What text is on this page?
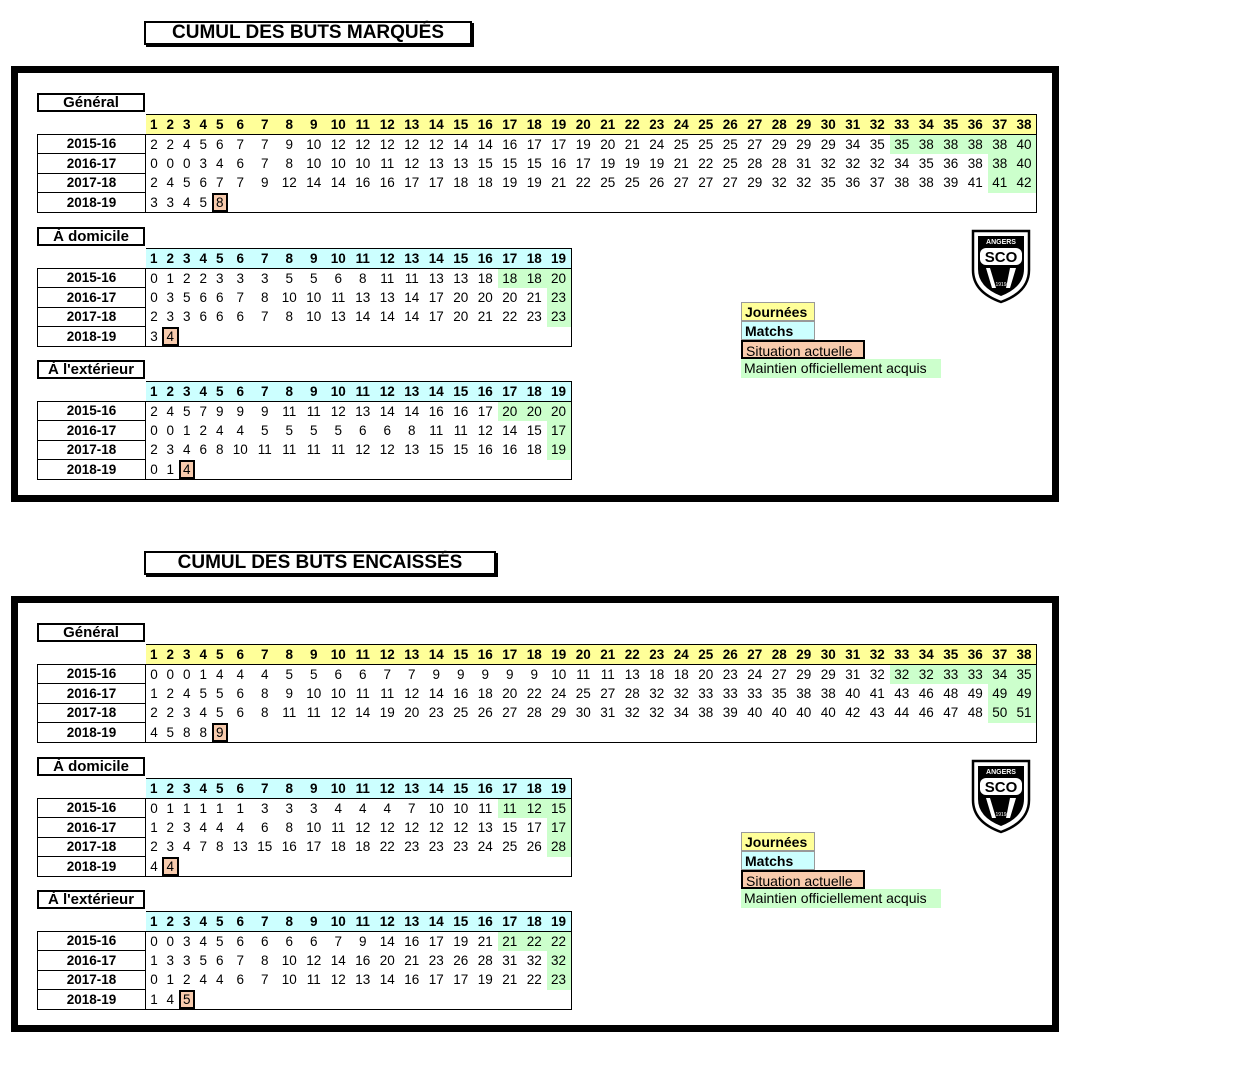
CUMUL DES BUTS MARQUÉS
Général
	1	2	3	4	5	6	7	8	9	10	11	12	13	14	15	16	17	18	19	20	21	22	23	24	25	26	27	28	29	30	31	32	33	34	35	36	37	38
2015-16	2	2	4	5	6	7	7	9	10	12	12	12	12	12	14	14	16	17	17	19	20	21	24	25	25	25	27	29	29	29	34	35	35	38	38	38	38	40
2016-17	0	0	0	3	4	6	7	8	10	10	10	11	12	13	13	15	15	15	16	17	19	19	19	21	22	25	28	28	31	32	32	32	34	35	36	38	38	40
2017-18	2	4	5	6	7	7	9	12	14	14	16	16	17	17	18	18	19	19	21	22	25	25	26	27	27	27	29	32	32	35	36	37	38	38	39	41	41	42
2018-19	3	3	4	5	8																																	
À domicile
	1	2	3	4	5	6	7	8	9	10	11	12	13	14	15	16	17	18	19
2015-16	0	1	2	2	3	3	3	5	5	6	8	11	11	13	13	18	18	18	20
2016-17	0	3	5	6	6	7	8	10	10	11	13	13	14	17	20	20	20	21	23
2017-18	2	3	3	6	6	6	7	8	10	13	14	14	14	17	20	21	22	23	23
2018-19	3	4																	
À l'extérieur
	1	2	3	4	5	6	7	8	9	10	11	12	13	14	15	16	17	18	19
2015-16	2	4	5	7	9	9	9	11	11	12	13	14	14	16	16	17	20	20	20
2016-17	0	0	1	2	4	4	5	5	5	5	6	6	8	11	11	12	14	15	17
2017-18	2	3	4	6	8	10	11	11	11	11	12	12	13	15	15	16	16	18	19
2018-19	0	1	4																
ANGERS
SCO
1919
Journées
Matchs
Situation actuelle
Maintien officiellement acquis
CUMUL DES BUTS ENCAISSÉS
Général
	1	2	3	4	5	6	7	8	9	10	11	12	13	14	15	16	17	18	19	20	21	22	23	24	25	26	27	28	29	30	31	32	33	34	35	36	37	38
2015-16	0	0	0	1	4	4	4	5	5	6	6	7	7	9	9	9	9	9	10	11	11	13	18	18	20	23	24	27	29	29	31	32	32	32	33	33	34	35
2016-17	1	2	4	5	5	6	8	9	10	10	11	11	12	14	16	18	20	22	24	25	27	28	32	32	33	33	33	35	38	38	40	41	43	46	48	49	49	49
2017-18	2	2	3	4	5	6	8	11	11	12	14	19	20	23	25	26	27	28	29	30	31	32	32	34	38	39	40	40	40	40	42	43	44	46	47	48	50	51
2018-19	4	5	8	8	9																																	
À domicile
	1	2	3	4	5	6	7	8	9	10	11	12	13	14	15	16	17	18	19
2015-16	0	1	1	1	1	1	3	3	3	4	4	4	7	10	10	11	11	12	15
2016-17	1	2	3	4	4	4	6	8	10	11	12	12	12	12	12	13	15	17	17
2017-18	2	3	4	7	8	13	15	16	17	18	18	22	23	23	23	24	25	26	28
2018-19	4	4																	
À l'extérieur
	1	2	3	4	5	6	7	8	9	10	11	12	13	14	15	16	17	18	19
2015-16	0	0	3	4	5	6	6	6	6	7	9	14	16	17	19	21	21	22	22
2016-17	1	3	3	5	6	7	8	10	12	14	16	20	21	23	26	28	31	32	32
2017-18	0	1	2	4	4	6	7	10	11	12	13	14	16	17	17	19	21	22	23
2018-19	1	4	5																
ANGERS
SCO
1919
Journées
Matchs
Situation actuelle
Maintien officiellement acquis
